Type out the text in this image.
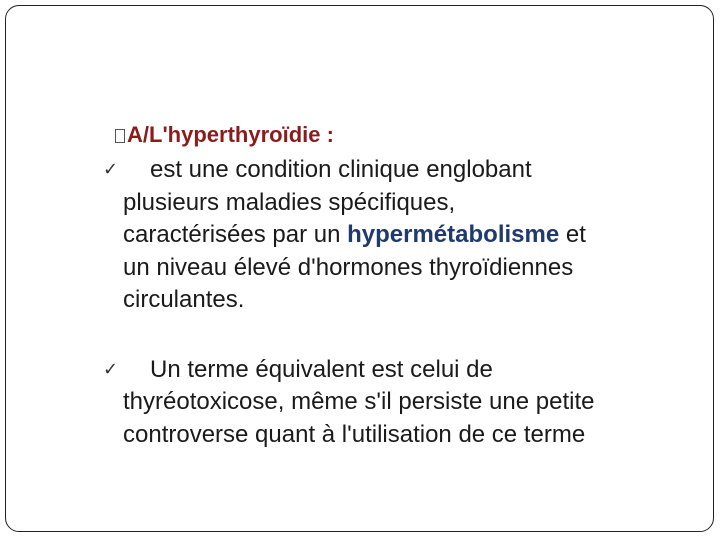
A/L'hyperthyroïdie :

✓	est une condition clinique englobant
plusieurs maladies spécifiques,
caractérisées par un hypermétabolisme et
un niveau élevé d'hormones thyroïdiennes
circulantes.
✓	Un terme équivalent est celui de
thyréotoxicose, même s'il persiste une petite
controverse quant à l'utilisation de ce terme
